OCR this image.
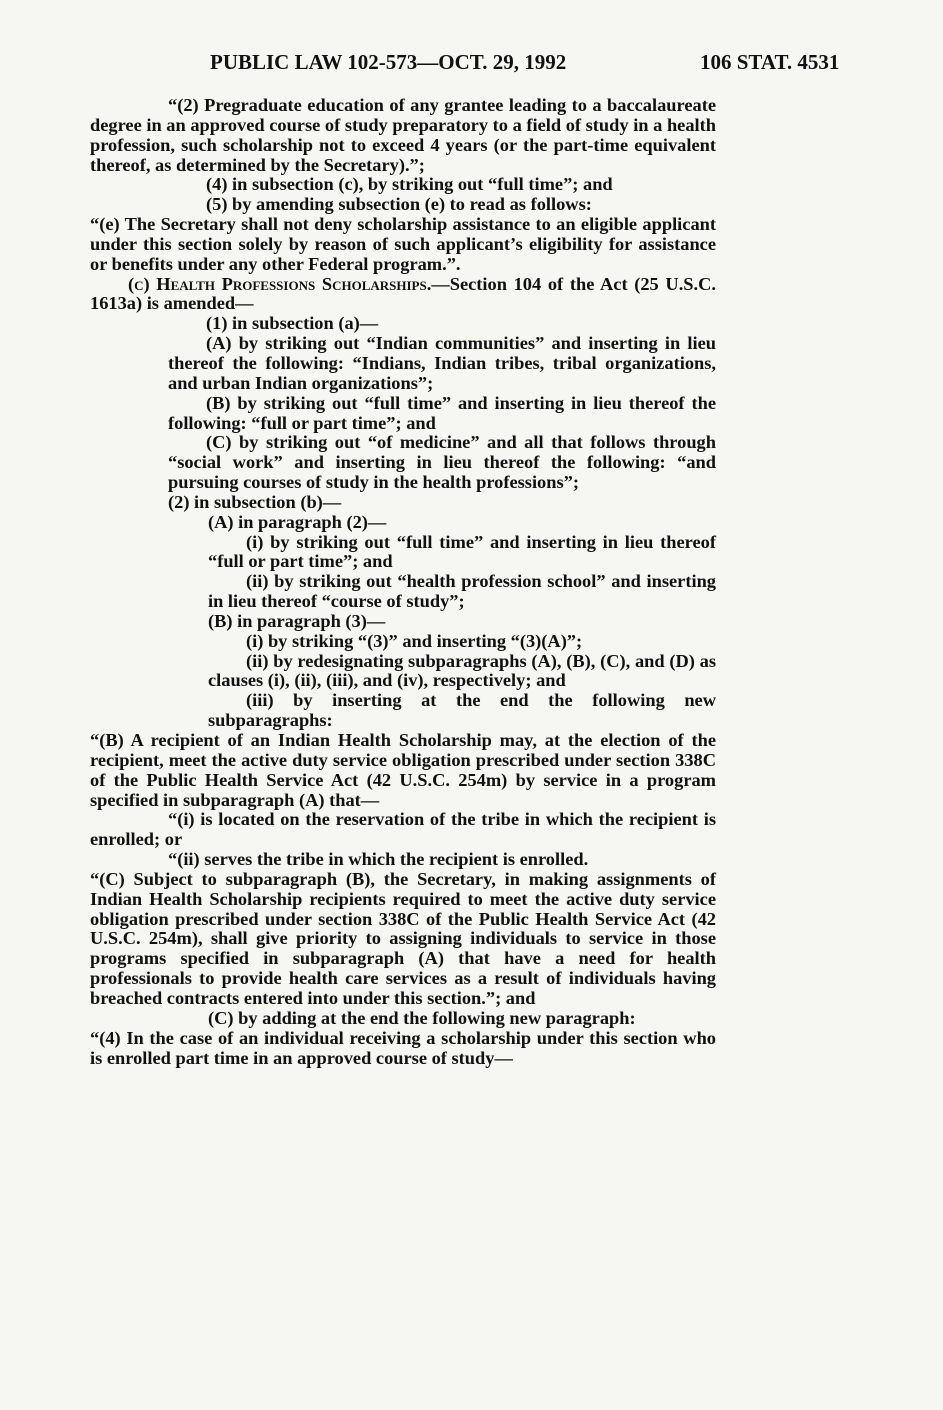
PUBLIC LAW 102-573—OCT. 29, 1992	106 STAT. 4531

“(2) Pregraduate education of any grantee leading to a baccalaureate degree in an approved course of study preparatory to a field of study in a health profession, such scholarship not to exceed 4 years (or the part-time equivalent thereof, as determined by the Secretary).”;

(4) in subsection (c), by striking out “full time”; and

(5) by amending subsection (e) to read as follows:

“(e) The Secretary shall not deny scholarship assistance to an eligible applicant under this section solely by reason of such applicant’s eligibility for assistance or benefits under any other Federal program.”.

(c) Health Professions Scholarships.—Section 104 of the Act (25 U.S.C. 1613a) is amended—

(1) in subsection (a)—

(A) by striking out “Indian communities” and inserting in lieu thereof the following: “Indians, Indian tribes, tribal organizations, and urban Indian organizations”;

(B) by striking out “full time” and inserting in lieu thereof the following: “full or part time”; and

(C) by striking out “of medicine” and all that follows through “social work” and inserting in lieu thereof the following: “and pursuing courses of study in the health professions”;

(2) in subsection (b)—

(A) in paragraph (2)—

(i) by striking out “full time” and inserting in lieu thereof “full or part time”; and

(ii) by striking out “health profession school” and inserting in lieu thereof “course of study”;

(B) in paragraph (3)—

(i) by striking “(3)” and inserting “(3)(A)”;

(ii) by redesignating subparagraphs (A), (B), (C), and (D) as clauses (i), (ii), (iii), and (iv), respectively; and

(iii) by inserting at the end the following new subparagraphs:

“(B) A recipient of an Indian Health Scholarship may, at the election of the recipient, meet the active duty service obligation prescribed under section 338C of the Public Health Service Act (42 U.S.C. 254m) by service in a program specified in subparagraph (A) that—

“(i) is located on the reservation of the tribe in which the recipient is enrolled; or

“(ii) serves the tribe in which the recipient is enrolled.

“(C) Subject to subparagraph (B), the Secretary, in making assignments of Indian Health Scholarship recipients required to meet the active duty service obligation prescribed under section 338C of the Public Health Service Act (42 U.S.C. 254m), shall give priority to assigning individuals to service in those programs specified in subparagraph (A) that have a need for health professionals to provide health care services as a result of individuals having breached contracts entered into under this section.”; and

(C) by adding at the end the following new paragraph:

“(4) In the case of an individual receiving a scholarship under this section who is enrolled part time in an approved course of study—
